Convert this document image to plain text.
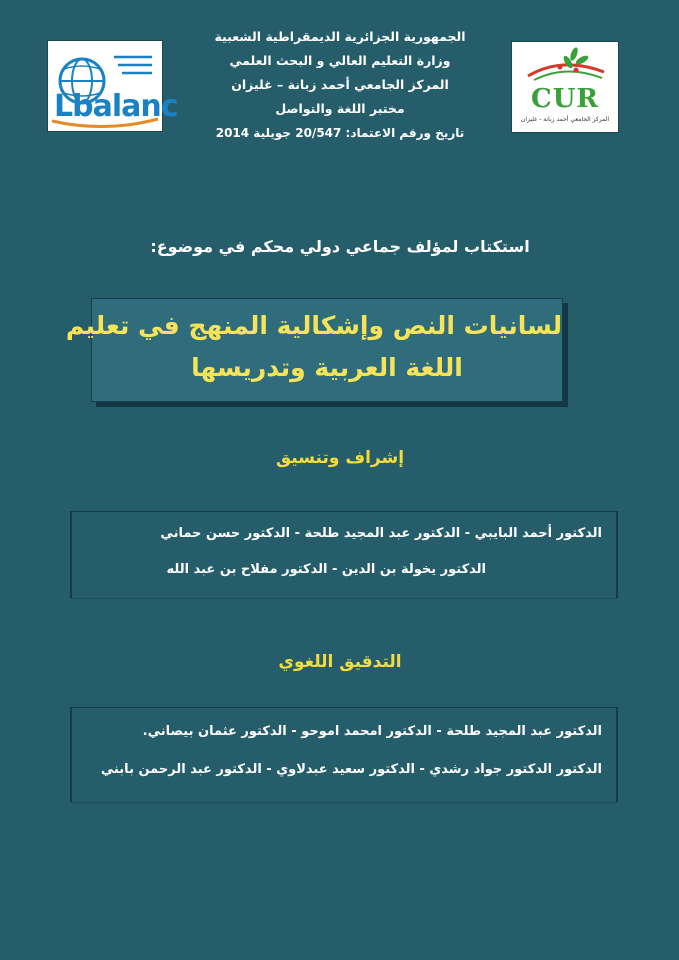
الجمهورية الجزائرية الديمقراطية الشعبية
وزارة التعليم العالي و البحث العلمي
المركز الجامعي أحمد زبانة – غليزان
مختبر اللغة والتواصل
تاريخ ورقم الاعتماد: 20/547 جويلية 2014
Lbalanc	CUR
المركز الجامعي أحمد زبانة - غليزان
استكتاب لمؤلف جماعي دولي محكم في موضوع:
لسانيات النص وإشكالية المنهج في تعليم
اللغة العربية وتدريسها
إشراف وتنسيق
الدكتور أحمد البايبي - الدكتور عبد المجيد طلحة - الدكتور حسن حماني
الدكتور يخولة بن الدين - الدكتور مفلاح بن عبد الله
التدقيق اللغوي
الدكتور عبد المجيد طلحة - الدكتور امحمد اموحو - الدكتور عثمان بيصاني.
الدكتور الدكتور جواد رشدي - الدكتور سعيد عبدلاوي - الدكتور عبد الرحمن بابني
